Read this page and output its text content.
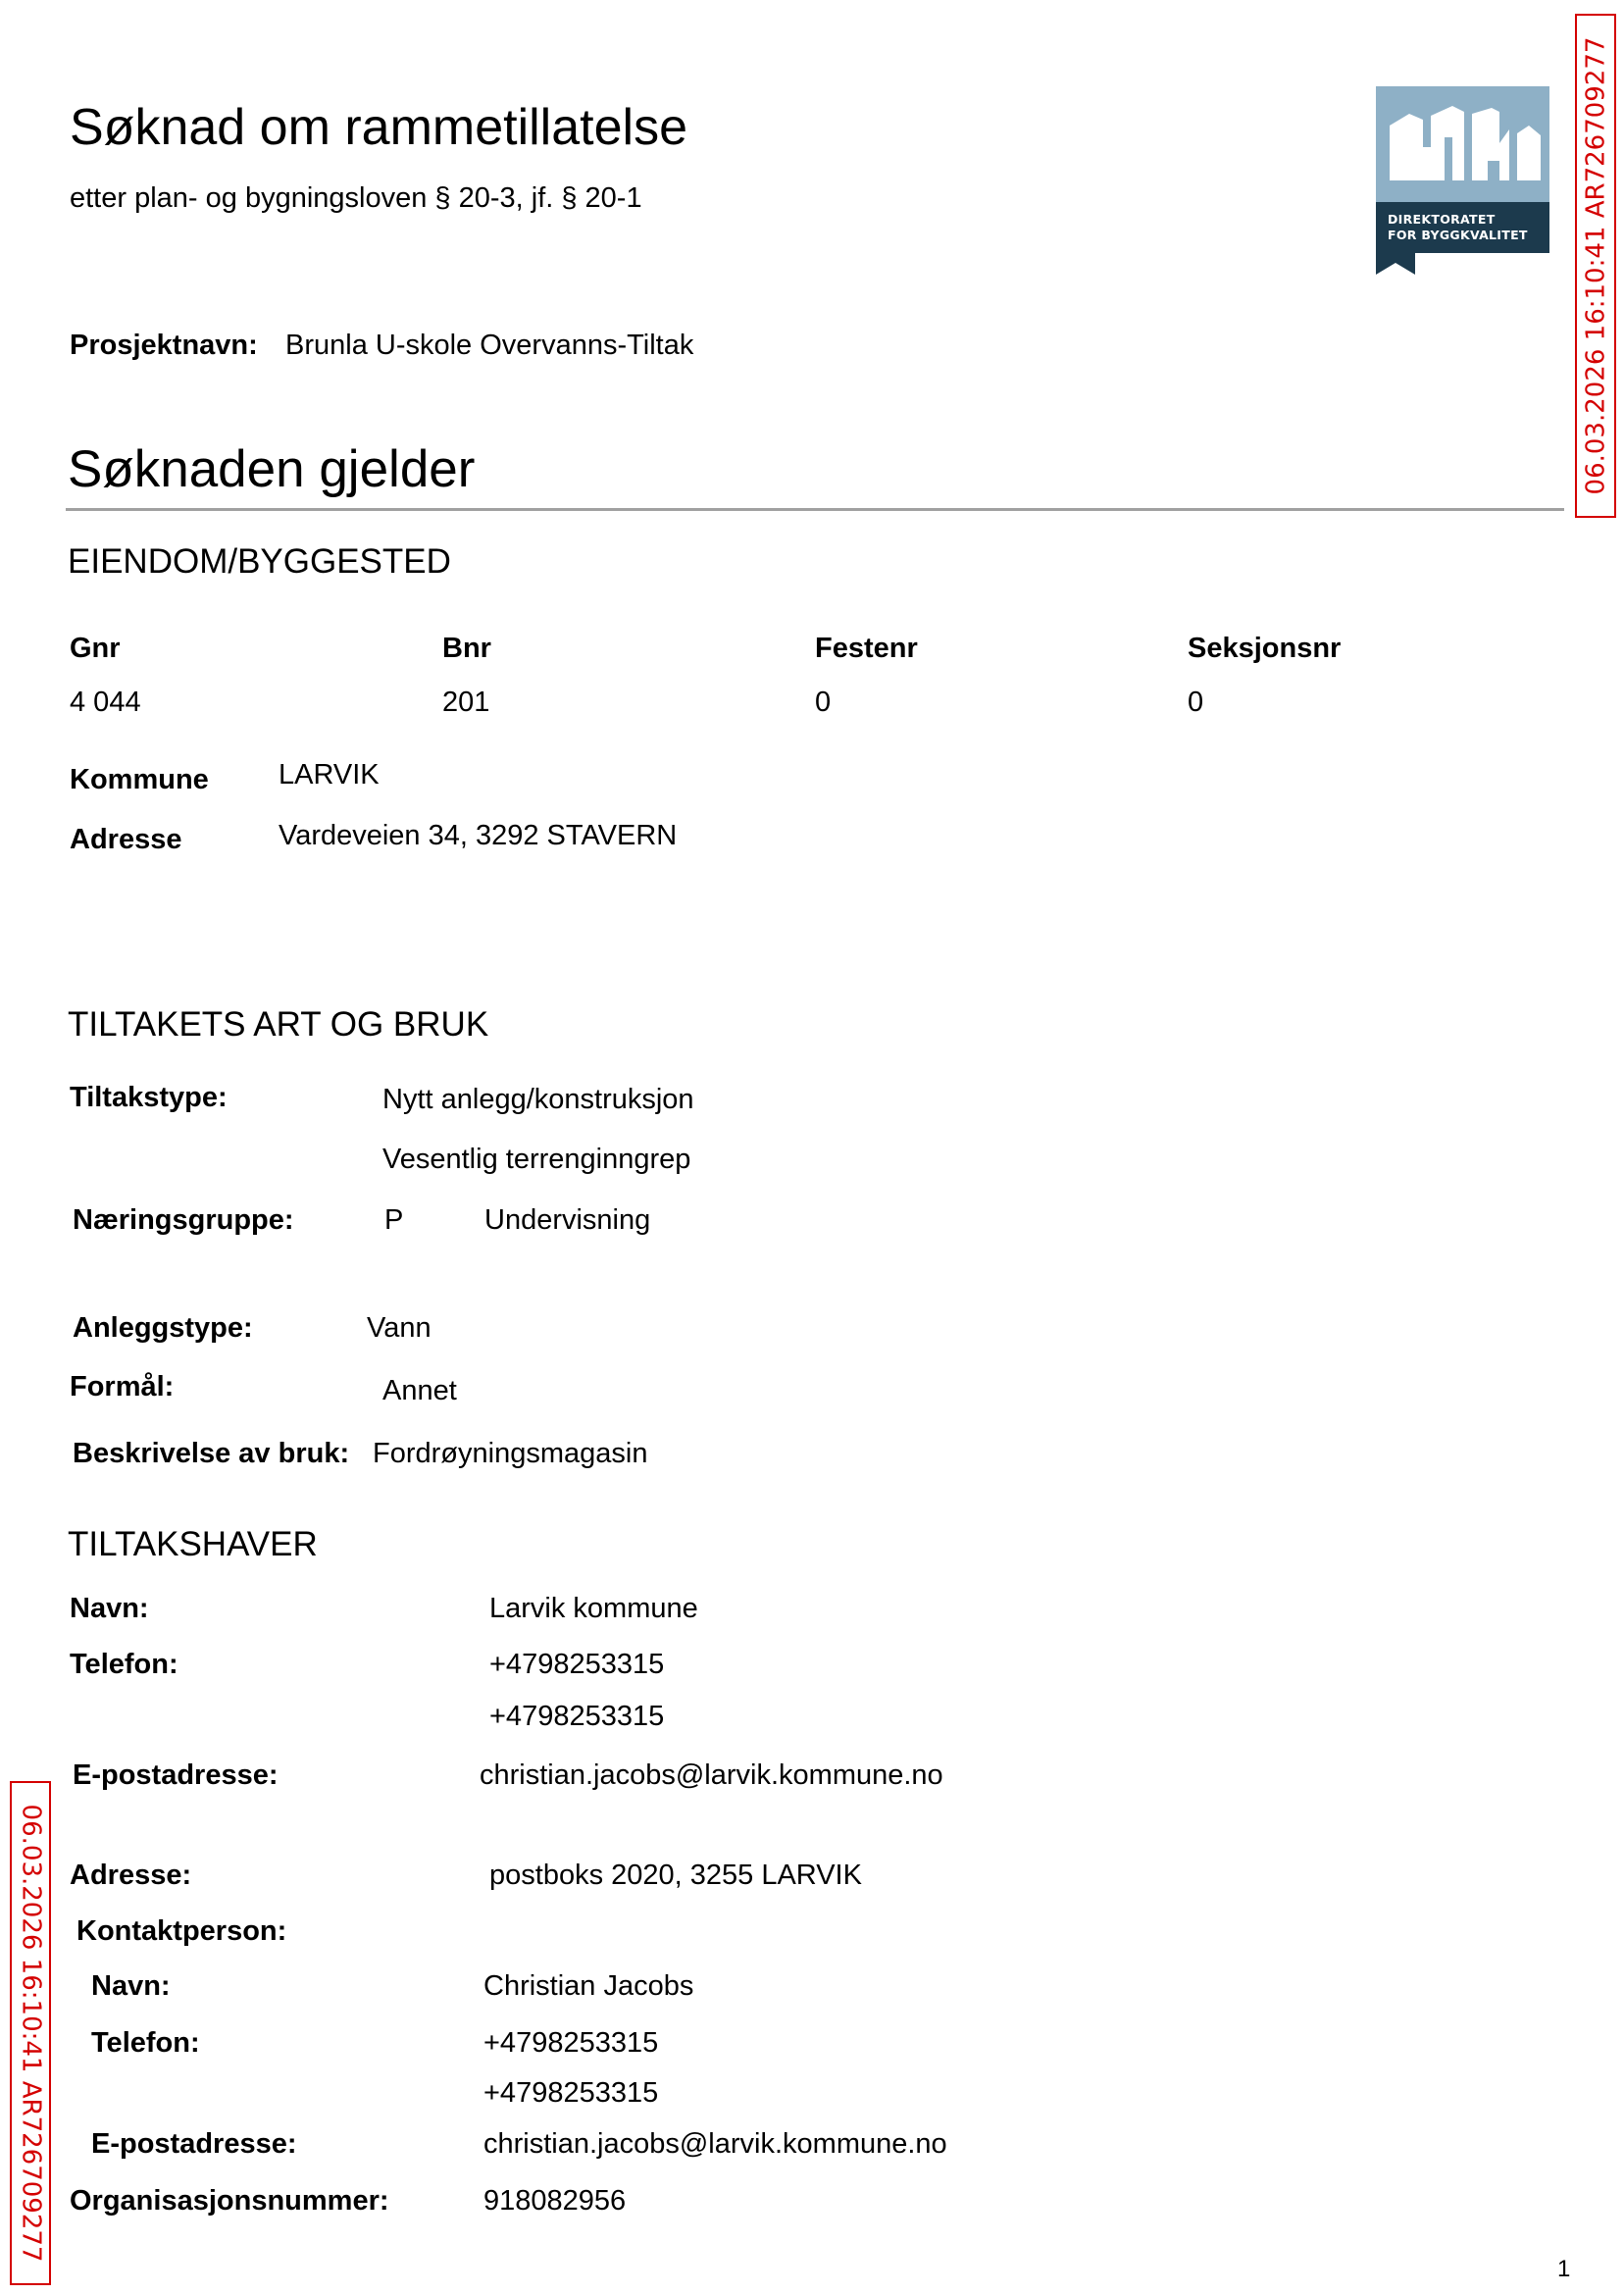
Søknad om rammetillatelse
etter plan- og bygningsloven § 20-3, jf. § 20-1
DIREKTORATET
FOR BYGGKVALITET 06.03.2026 16:10:41 AR726709277
06.03.2026 16:10:41 AR726709277
Prosjektnavn: Brunla U-skole Overvanns-Tiltak
Søknaden gjelder
EIENDOM/BYGGESTED
Gnr	Bnr	Festenr	Seksjonsnr
4 044	201	0	0
Kommune LARVIK
Adresse	Vardeveien 34, 3292 STAVERN
TILTAKETS ART OG BRUK
Tiltakstype:	Nytt anlegg/konstruksjon
Vesentlig terrenginngrep
Næringsgruppe:	P	Undervisning
Anleggstype:	Vann
Formål:	Annet
Beskrivelse av bruk: Fordrøyningsmagasin
TILTAKSHAVER
Navn:	Larvik kommune
Telefon:	+4798253315
+4798253315
E-postadresse:	christian.jacobs@larvik.kommune.no
Adresse:	postboks 2020, 3255 LARVIK
Kontaktperson:
Navn:	Christian Jacobs
Telefon:	+4798253315
+4798253315
E-postadresse:	christian.jacobs@larvik.kommune.no
Organisasjonsnummer:	918082956
1
